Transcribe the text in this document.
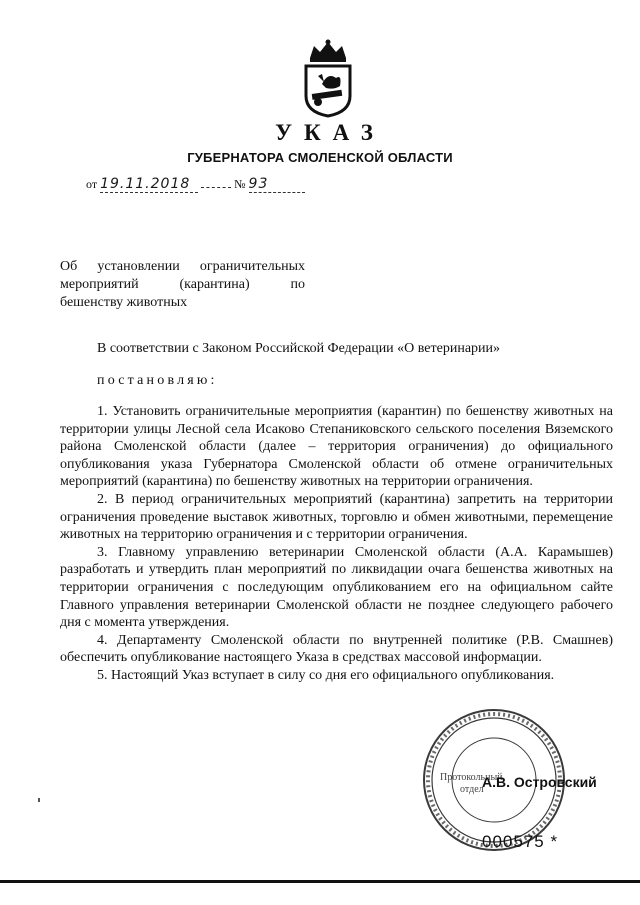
УКАЗ
ГУБЕРНАТОРА СМОЛЕНСКОЙ ОБЛАСТИ
от 19.11.2018	№ 93
Об установлении ограничительных
мероприятий (карантина) по
бешенству животных
В соответствии с Законом Российской Федерации «О ветеринарии»
постановляю:

1. Установить ограничительные мероприятия (карантин) по бешенству животных на территории улицы Лесной села Исаково Степаниковского сельского поселения Вяземского района Смоленской области (далее – территория ограничения) до официального опубликования указа Губернатора Смоленской области об отмене ограничительных мероприятий (карантина) по бешенству животных на территории ограничения.

2. В период ограничительных мероприятий (карантина) запретить на территории ограничения проведение выставок животных, торговлю и обмен животными, перемещение животных на территорию ограничения и с территории ограничения.

3. Главному управлению ветеринарии Смоленской области (А.А. Карамышев) разработать и утвердить план мероприятий по ликвидации очага бешенства животных на территории ограничения с последующим опубликованием его на официальном сайте Главного управления ветеринарии Смоленской области не позднее следующего рабочего дня с момента утверждения.

4. Департаменту Смоленской области по внутренней политике (Р.В. Смашнев) обеспечить опубликование настоящего Указа в средствах массовой информации.

5. Настоящий Указ вступает в силу со дня его официального опубликования.

Протокольный
отдел
А.В. Островский
000575 *
